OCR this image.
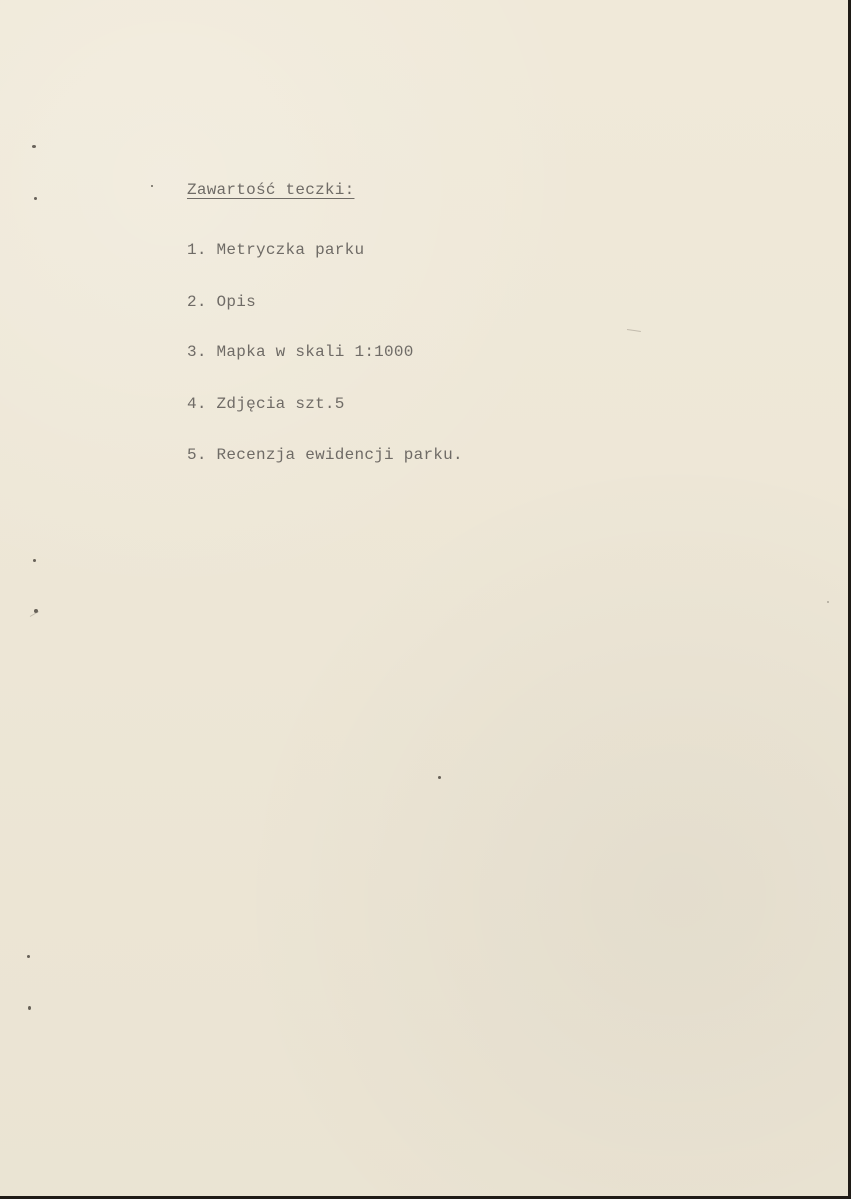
Zawartość teczki:

1. Metryczka parku

2. Opis

3. Mapka w skali 1:1000

4. Zdjęcia szt.5

5. Recenzja ewidencji parku.
